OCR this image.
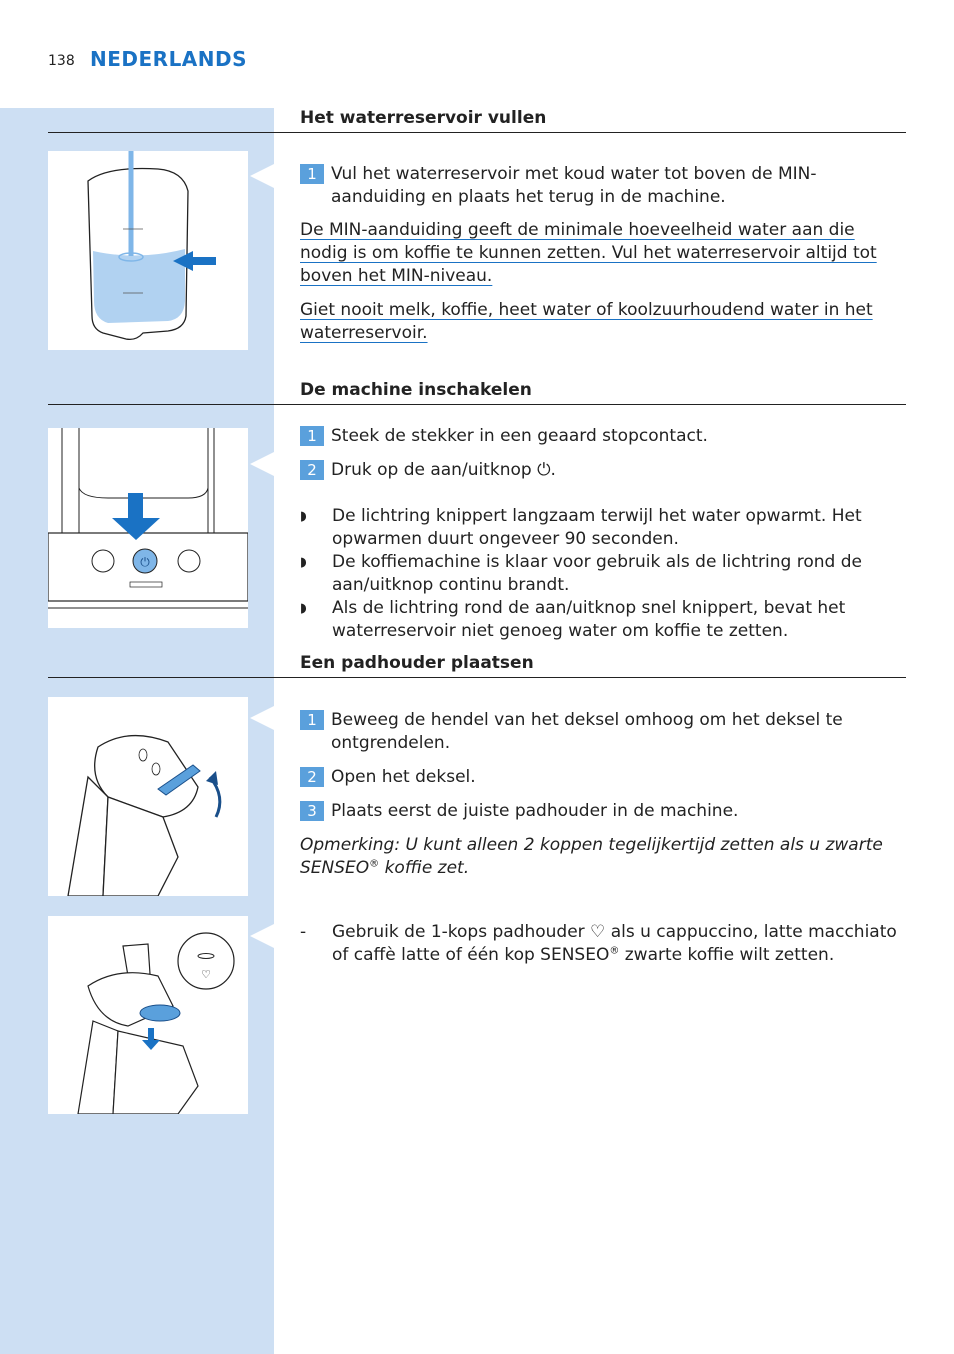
138 NEDERLANDS
Het waterreservoir vullen
1 Vul het waterreservoir met koud water tot boven de MIN-aanduiding en plaats het terug in de machine.
De MIN-aanduiding geeft de minimale hoeveelheid water aan die nodig is om koffie te kunnen zetten. Vul het waterreservoir altijd tot boven het MIN-niveau.
Giet nooit melk, koffie, heet water of koolzuurhoudend water in het waterreservoir.
De machine inschakelen
⏻
1 Steek de stekker in een geaard stopcontact.
2 Druk op de aan/uitknop ⏻.
◗	De lichtring knippert langzaam terwijl het water opwarmt. Het opwarmen duurt ongeveer 90 seconden.
◗	De koffiemachine is klaar voor gebruik als de lichtring rond de aan/uitknop continu brandt.
◗	Als de lichtring rond de aan/uitknop snel knippert, bevat het waterreservoir niet genoeg water om koffie te zetten.
Een padhouder plaatsen
♡
1 Beweeg de hendel van het deksel omhoog om het deksel te ontgrendelen.
2 Open het deksel.
3 Plaats eerst de juiste padhouder in de machine.
Opmerking: U kunt alleen 2 koppen tegelijkertijd zetten als u zwarte SENSEO® koffie zet.
-	Gebruik de 1-kops padhouder ♡ als u cappuccino, latte macchiato of caffè latte of één kop SENSEO® zwarte koffie wilt zetten.
